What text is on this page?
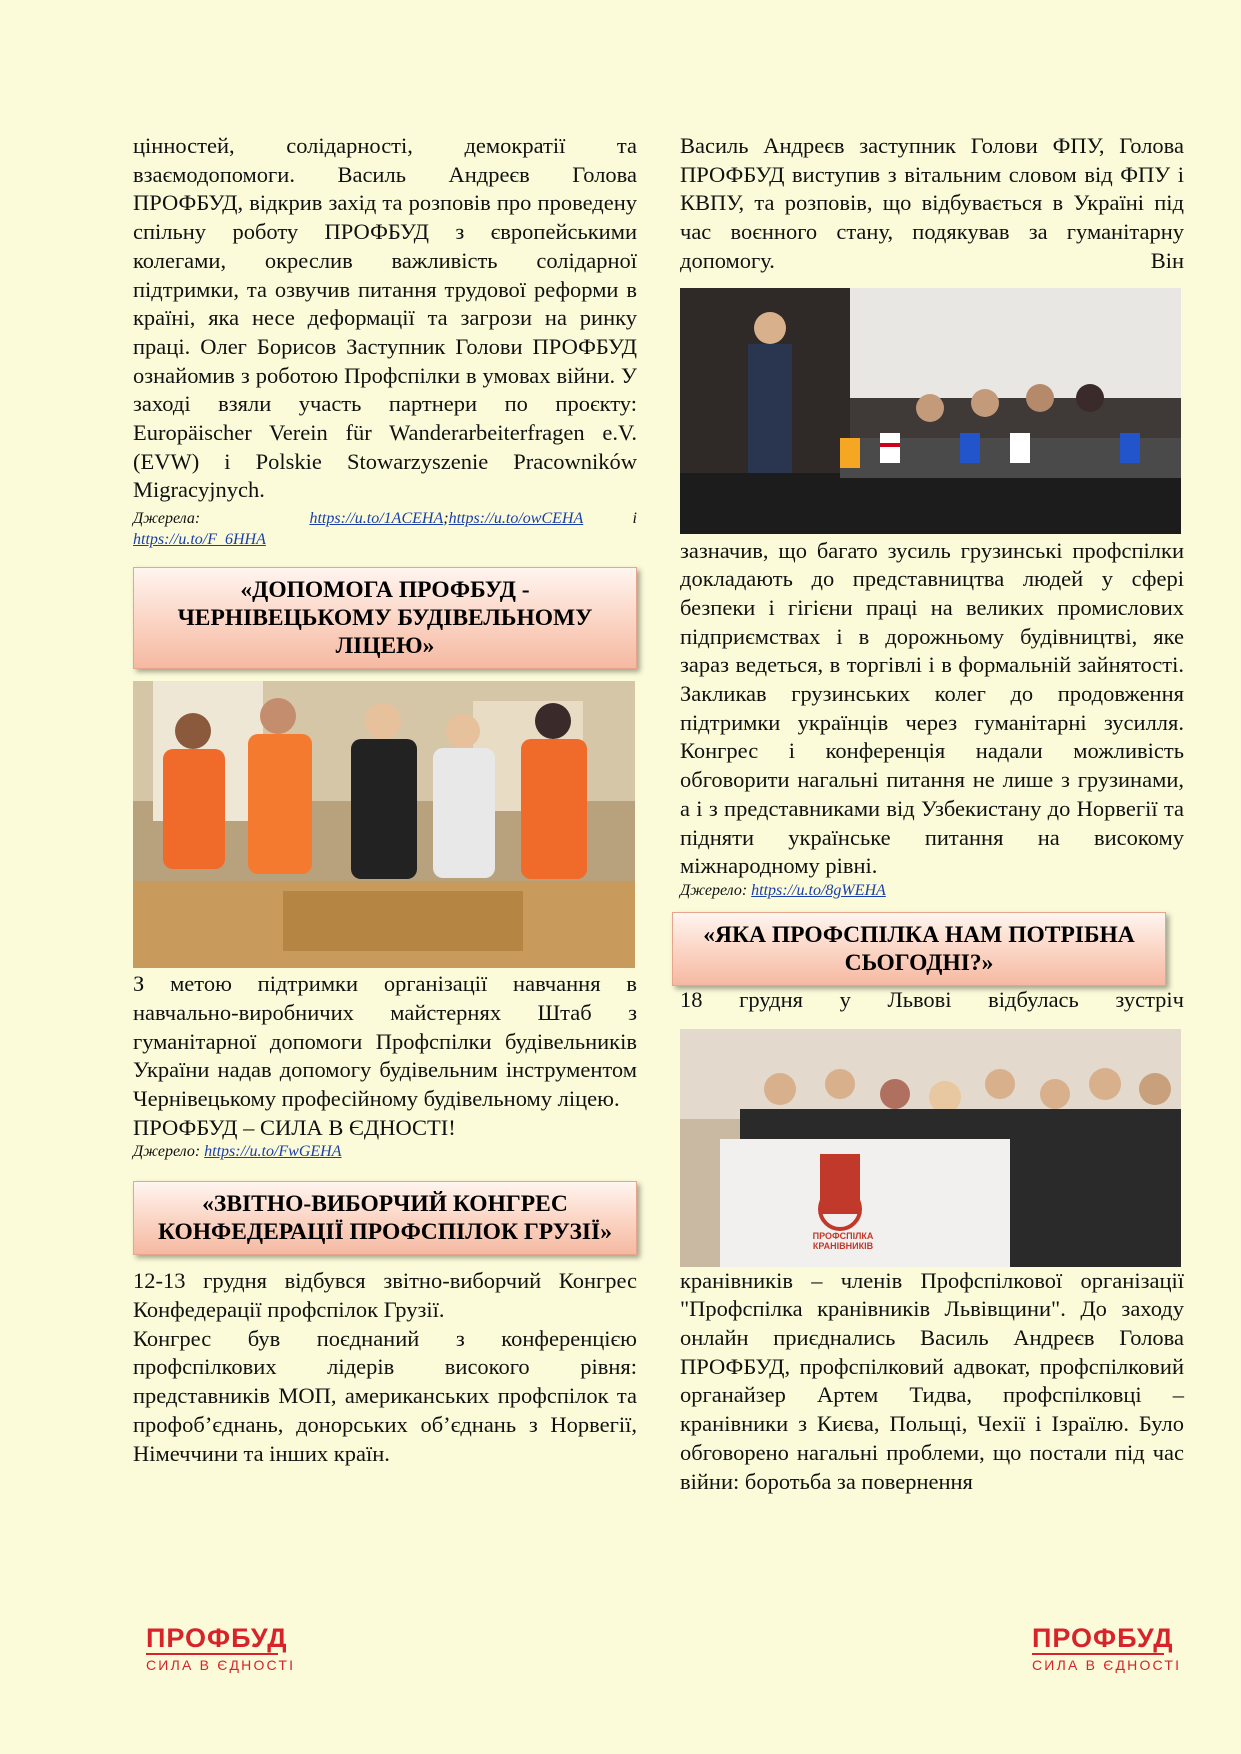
цінностей, солідарності, демократії та взаємодопомоги. Василь Андреєв Голова ПРОФБУД, відкрив захід та розповів про проведену спільну роботу ПРОФБУД з європейськими колегами, окреслив важливість солідарної підтримки, та озвучив питання трудової реформи в країні, яка несе деформації та загрози на ринку праці. Олег Борисов Заступник Голови ПРОФБУД ознайомив з роботою Профспілки в умовах війни. У заході взяли участь партнери по проєкту: Europäischer Verein für Wanderarbeiterfragen e.V. (EVW) і Polskie Stowarzyszenie Pracowników Migracyjnych.

Джерела:	https://u.to/1ACEHA;https://u.to/owCEHA	і
https://u.to/F_6HHA
«ДОПОМОГА ПРОФБУД - ЧЕРНІВЕЦЬКОМУ БУДІВЕЛЬНОМУ ЛІЦЕЮ»

З метою підтримки організації навчання в навчально-виробничих майстернях Штаб з гуманітарної допомоги Профспілки будівельників України надав допомогу будівельним інструментом Чернівецькому професійному будівельному ліцею.

ПРОФБУД – СИЛА В ЄДНОСТІ!

Джерело: https://u.to/FwGEHA
«ЗВІТНО-ВИБОРЧИЙ КОНГРЕС КОНФЕДЕРАЦІЇ ПРОФСПІЛОК ГРУЗІЇ»

12-13 грудня відбувся звітно-виборчий Конгрес Конфедерації профспілок Грузії.

Конгрес був поєднаний з конференцією профспілкових лідерів високого рівня: представників МОП, американських профспілок та профоб’єднань, донорських об’єднань з Норвегії, Німеччини та інших країн.

Василь Андреєв заступник Голови ФПУ, Голова ПРОФБУД виступив з вітальним словом від ФПУ і КВПУ, та розповів, що відбувається в Україні під час воєнного стану, подякував за гуманітарну допомогу. Він

зазначив, що багато зусиль грузинські профспілки докладають до представництва людей у сфері безпеки і гігієни праці на великих промислових підприємствах і в дорожньому будівництві, яке зараз ведеться, в торгівлі і в формальній зайнятості. Закликав грузинських колег до продовження підтримки українців через гуманітарні зусилля. Конгрес і конференція надали можливість обговорити нагальні питання не лише з грузинами, а і з представниками від Узбекистану до Норвегії та підняти українське питання на високому міжнародному рівні.

Джерело: https://u.to/8gWEHA
«ЯКА ПРОФСПІЛКА НАМ ПОТРІБНА СЬОГОДНІ?»

18 грудня у Львові відбулась зустріч

ПРОФСПІЛКА КРАНІВНИКІВ

кранівників – членів Профспілкової організації "Профспілка кранівників Львівщини". До заходу онлайн приєднались Василь Андреєв Голова ПРОФБУД, профспілковий адвокат, профспілковий органайзер Артем Тидва, профспілковці – кранівники з Києва, Польщі, Чехії і Ізраїлю. Було обговорено нагальні проблеми, що постали під час війни: боротьба за повернення

ПРОФБУД
СИЛА В ЄДНОСТІ
ПРОФБУД
СИЛА В ЄДНОСТІ
